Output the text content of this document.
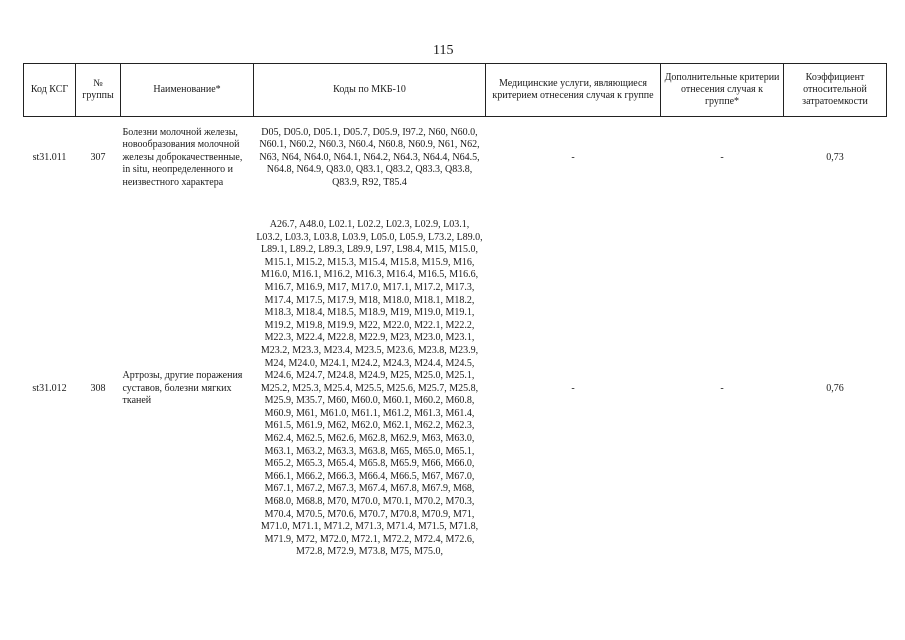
115
Код КСГ	№ группы	Наименование*	Коды по МКБ-10	Медицинские услуги, являющиеся критерием отнесения случая к группе	Дополнительные критерии отнесения случая к группе*	Коэффициент относительной затратоемкости
st31.011	307	Болезни молочной железы, новообразования молочной железы доброкачественные, in situ, неопределенного и неизвестного характера	D05, D05.0, D05.1, D05.7, D05.9, I97.2, N60, N60.0, N60.1, N60.2, N60.3, N60.4, N60.8, N60.9, N61, N62, N63, N64, N64.0, N64.1, N64.2, N64.3, N64.4, N64.5, N64.8, N64.9, Q83.0, Q83.1, Q83.2, Q83.3, Q83.8, Q83.9, R92, T85.4	-	-	0,73
st31.012	308	Артрозы, другие поражения суставов, болезни мягких тканей	A26.7, A48.0, L02.1, L02.2, L02.3, L02.9, L03.1, L03.2, L03.3, L03.8, L03.9, L05.0, L05.9, L73.2, L89.0, L89.1, L89.2, L89.3, L89.9, L97, L98.4, M15, M15.0, M15.1, M15.2, M15.3, M15.4, M15.8, M15.9, M16, M16.0, M16.1, M16.2, M16.3, M16.4, M16.5, M16.6, M16.7, M16.9, M17, M17.0, M17.1, M17.2, M17.3, M17.4, M17.5, M17.9, M18, M18.0, M18.1, M18.2, M18.3, M18.4, M18.5, M18.9, M19, M19.0, M19.1, M19.2, M19.8, M19.9, M22, M22.0, M22.1, M22.2, M22.3, M22.4, M22.8, M22.9, M23, M23.0, M23.1, M23.2, M23.3, M23.4, M23.5, M23.6, M23.8, M23.9, M24, M24.0, M24.1, M24.2, M24.3, M24.4, M24.5, M24.6, M24.7, M24.8, M24.9, M25, M25.0, M25.1, M25.2, M25.3, M25.4, M25.5, M25.6, M25.7, M25.8, M25.9, M35.7, M60, M60.0, M60.1, M60.2, M60.8, M60.9, M61, M61.0, M61.1, M61.2, M61.3, M61.4, M61.5, M61.9, M62, M62.0, M62.1, M62.2, M62.3, M62.4, M62.5, M62.6, M62.8, M62.9, M63, M63.0, M63.1, M63.2, M63.3, M63.8, M65, M65.0, M65.1, M65.2, M65.3, M65.4, M65.8, M65.9, M66, M66.0, M66.1, M66.2, M66.3, M66.4, M66.5, M67, M67.0, M67.1, M67.2, M67.3, M67.4, M67.8, M67.9, M68, M68.0, M68.8, M70, M70.0, M70.1, M70.2, M70.3, M70.4, M70.5, M70.6, M70.7, M70.8, M70.9, M71, M71.0, M71.1, M71.2, M71.3, M71.4, M71.5, M71.8, M71.9, M72, M72.0, M72.1, M72.2, M72.4, M72.6, M72.8, M72.9, M73.8, M75, M75.0,	-	-	0,76
